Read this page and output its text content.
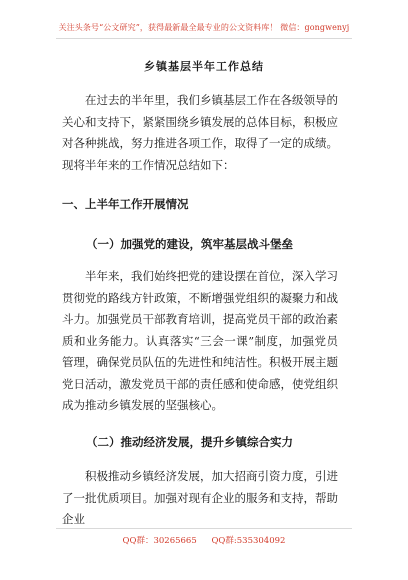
关注头条号“公文研究”，获得最新最全最专业的公文资料库！ 微信：gongwenyj
乡镇基层半年工作总结

在过去的半年里，我们乡镇基层工作在各级领导的关心和支持下，紧紧围绕乡镇发展的总体目标，积极应对各种挑战，努力推进各项工作，取得了一定的成绩。现将半年来的工作情况总结如下：

一、上半年工作开展情况
（一）加强党的建设，筑牢基层战斗堡垒

半年来，我们始终把党的建设摆在首位，深入学习贯彻党的路线方针政策，不断增强党组织的凝聚力和战斗力。加强党员干部教育培训，提高党员干部的政治素质和业务能力。认真落实“三会一课”制度，加强党员管理，确保党员队伍的先进性和纯洁性。积极开展主题党日活动，激发党员干部的责任感和使命感，使党组织成为推动乡镇发展的坚强核心。

（二）推动经济发展，提升乡镇综合实力

积极推动乡镇经济发展，加大招商引资力度，引进了一批优质项目。加强对现有企业的服务和支持，帮助企业

QQ群：30265665 QQ群:535304092
